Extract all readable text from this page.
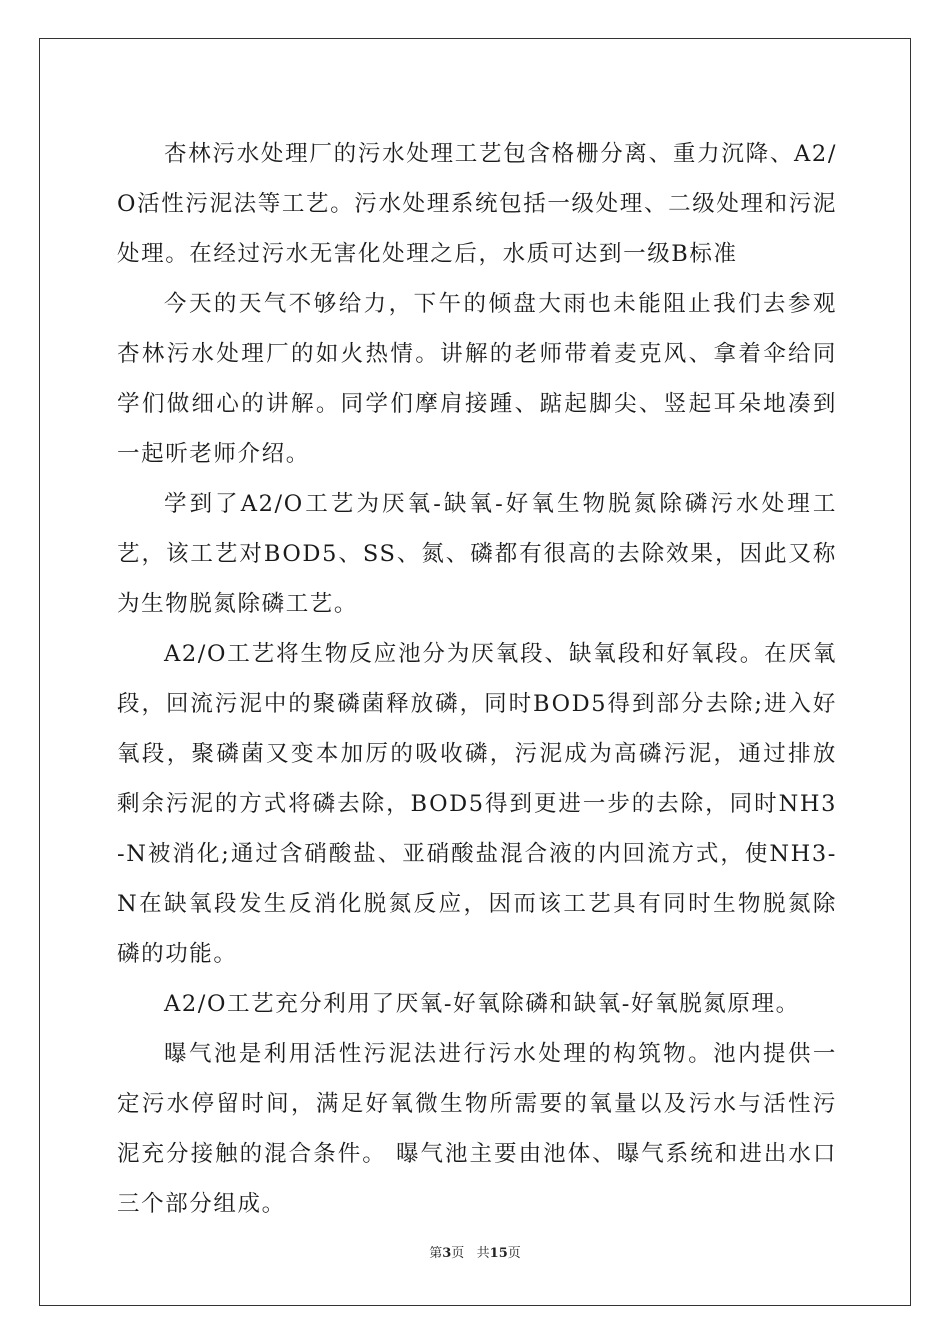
杏林污水处理厂的污水处理工艺包含格栅分离、重力沉降、A2/O活性污泥法等工艺。污水处理系统包括一级处理、二级处理和污泥处理。在经过污水无害化处理之后，水质可达到一级B标准

今天的天气不够给力，下午的倾盘大雨也未能阻止我们去参观杏林污水处理厂的如火热情。讲解的老师带着麦克风、拿着伞给同学们做细心的讲解。同学们摩肩接踵、踮起脚尖、竖起耳朵地凑到一起听老师介绍。

学到了A2/O工艺为厌氧-缺氧-好氧生物脱氮除磷污水处理工艺，该工艺对BOD5、SS、氮、磷都有很高的去除效果，因此又称为生物脱氮除磷工艺。

A2/O工艺将生物反应池分为厌氧段、缺氧段和好氧段。在厌氧段，回流污泥中的聚磷菌释放磷，同时BOD5得到部分去除;进入好氧段，聚磷菌又变本加厉的吸收磷，污泥成为高磷污泥，通过排放剩余污泥的方式将磷去除，BOD5得到更进一步的去除，同时NH3-N被消化;通过含硝酸盐、亚硝酸盐混合液的内回流方式，使NH3-N在缺氧段发生反消化脱氮反应，因而该工艺具有同时生物脱氮除磷的功能。

A2/O工艺充分利用了厌氧-好氧除磷和缺氧-好氧脱氮原理。

曝气池是利用活性污泥法进行污水处理的构筑物。池内提供一定污水停留时间，满足好氧微生物所需要的氧量以及污水与活性污泥充分接触的混合条件。 曝气池主要由池体、曝气系统和进出水口三个部分组成。

第3页   共15页
